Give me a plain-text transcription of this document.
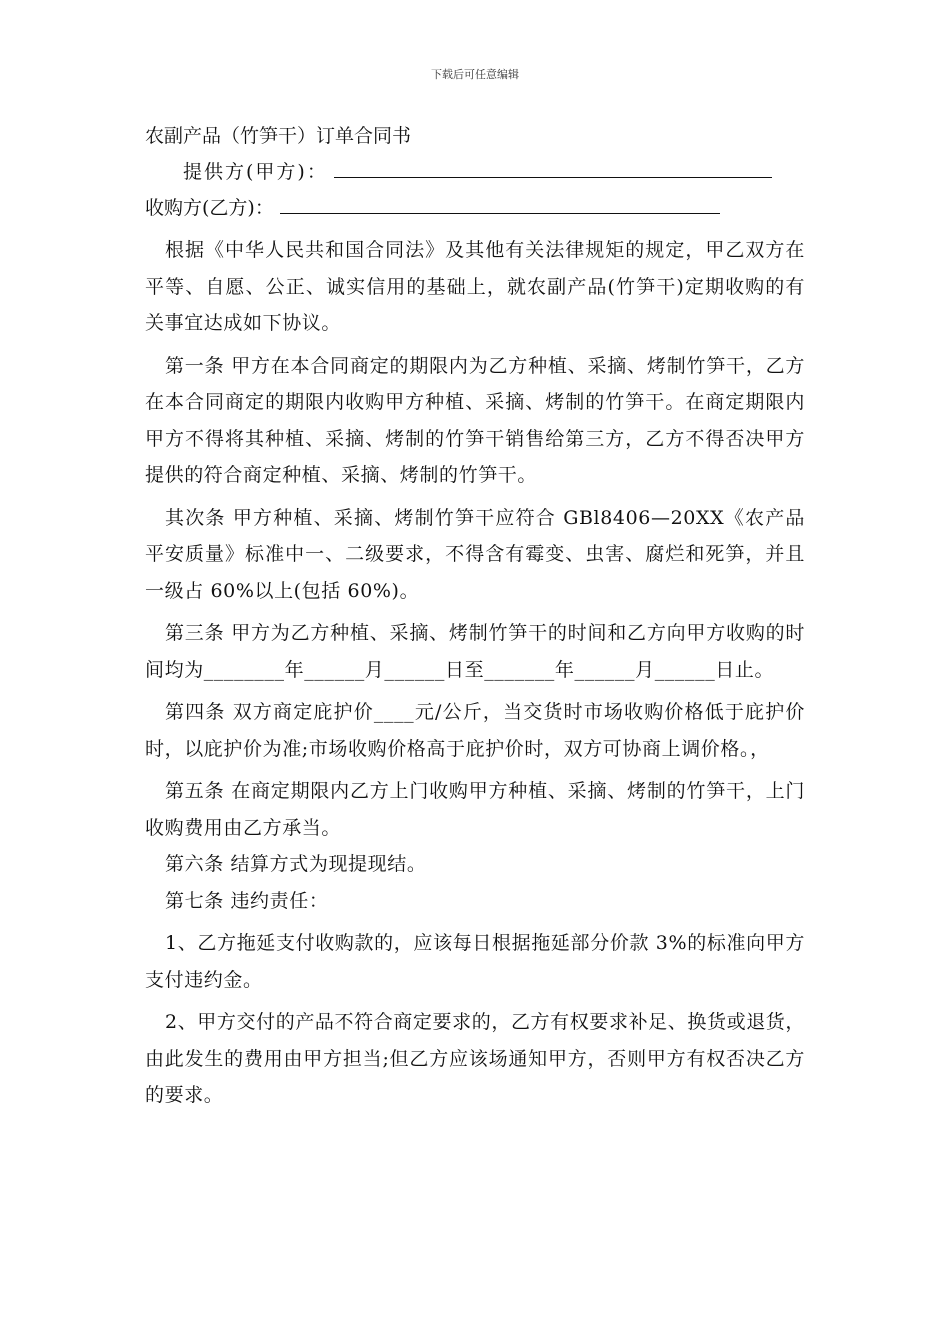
下载后可任意编辑

农副产品（竹笋干）订单合同书

提供方(甲方)：

收购方(乙方)：

根据《中华人民共和国合同法》及其他有关法律规矩的规定，甲乙双方在平等、自愿、公正、诚实信用的基础上，就农副产品(竹笋干)定期收购的有关事宜达成如下协议。

第一条 甲方在本合同商定的期限内为乙方种植、采摘、烤制竹笋干，乙方在本合同商定的期限内收购甲方种植、采摘、烤制的竹笋干。在商定期限内甲方不得将其种植、采摘、烤制的竹笋干销售给第三方，乙方不得否决甲方提供的符合商定种植、采摘、烤制的竹笋干。

其次条 甲方种植、采摘、烤制竹笋干应符合 GBl8406—20XX《农产品平安质量》标准中一、二级要求，不得含有霉变、虫害、腐烂和死笋，并且一级占 60%以上(包括 60%)。

第三条 甲方为乙方种植、采摘、烤制竹笋干的时间和乙方向甲方收购的时间均为________年______月______日至_______年______月______日止。

第四条 双方商定庇护价____元/公斤，当交货时市场收购价格低于庇护价时，以庇护价为准;市场收购价格高于庇护价时，双方可协商上调价格。，

第五条 在商定期限内乙方上门收购甲方种植、采摘、烤制的竹笋干，上门收购费用由乙方承当。

第六条 结算方式为现提现结。

第七条 违约责任：

1、乙方拖延支付收购款的，应该每日根据拖延部分价款 3%的标准向甲方支付违约金。

2、甲方交付的产品不符合商定要求的，乙方有权要求补足、换货或退货，由此发生的费用由甲方担当;但乙方应该场通知甲方，否则甲方有权否决乙方的要求。
